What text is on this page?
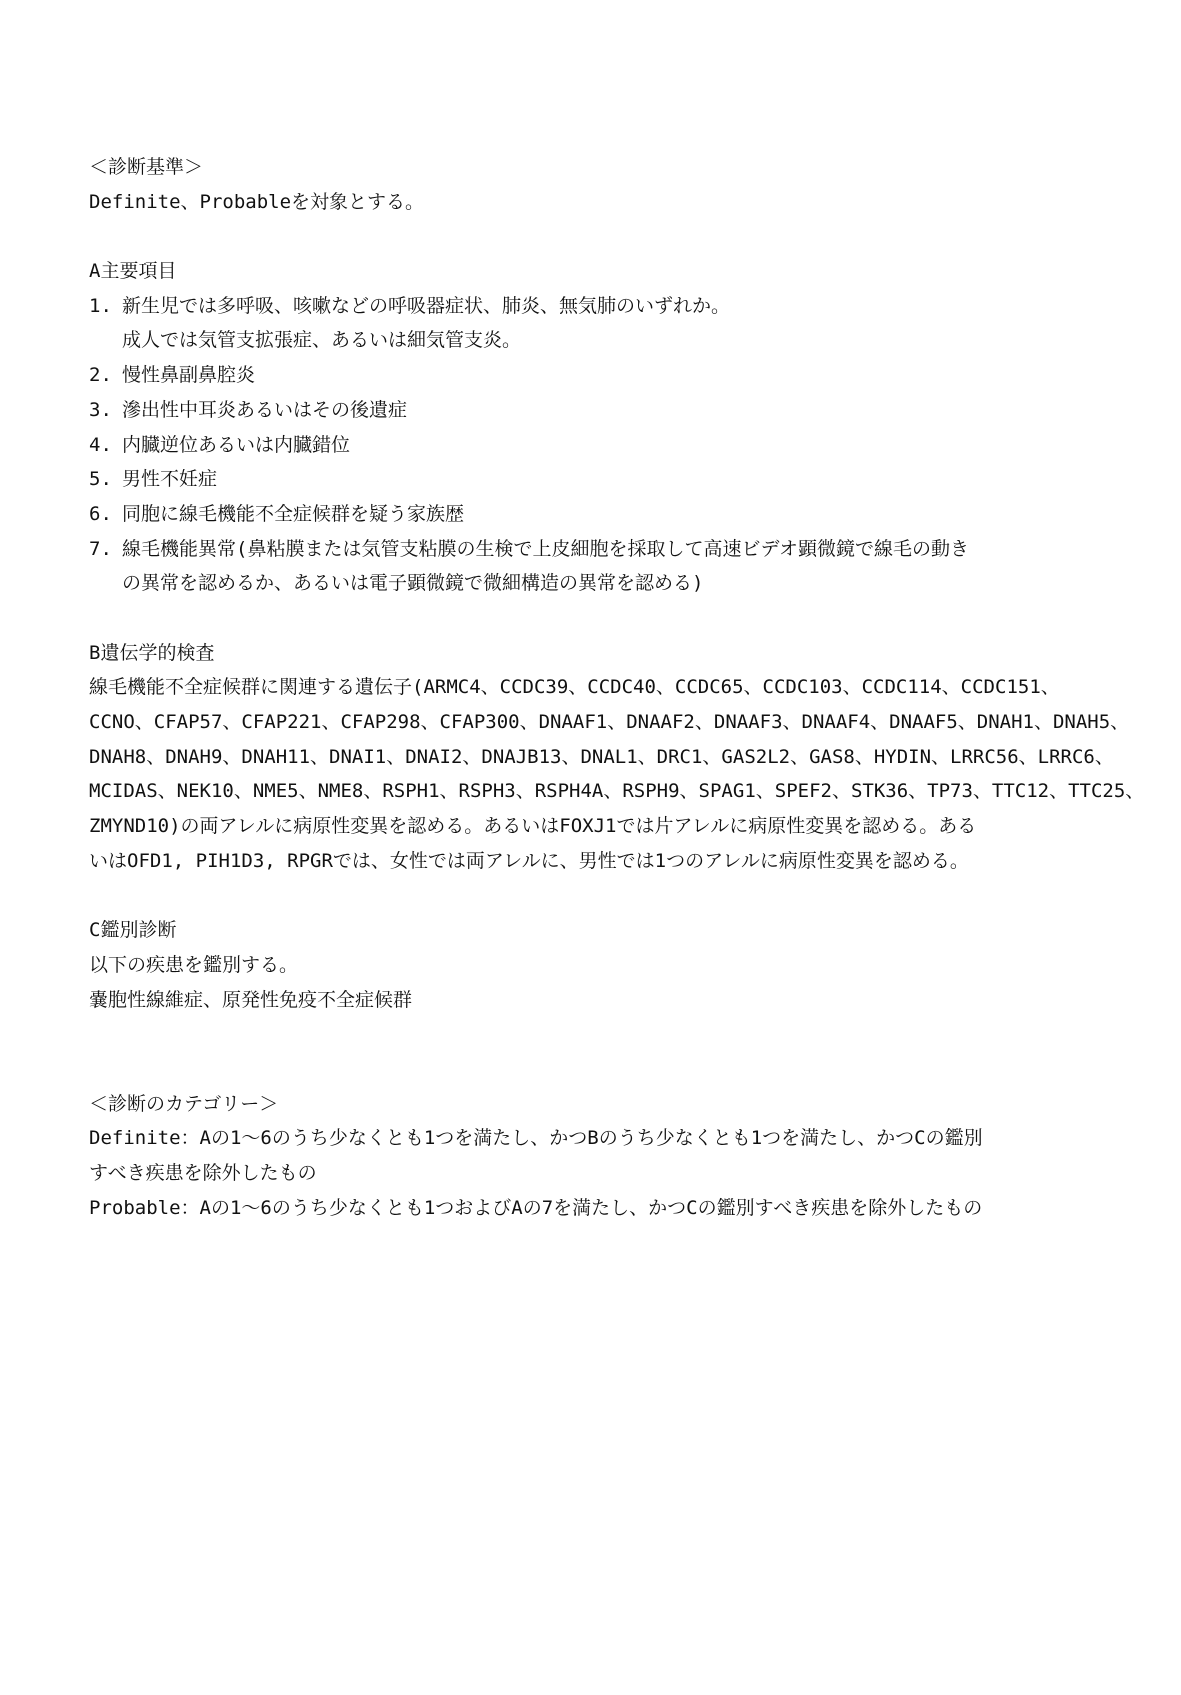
＜診断基準＞
Definite、Probableを対象とする。
A主要項目
1. 新生児では多呼吸、咳嗽などの呼吸器症状、肺炎、無気肺のいずれか。
成人では気管支拡張症、あるいは細気管支炎。
2. 慢性鼻副鼻腔炎
3. 滲出性中耳炎あるいはその後遺症
4. 内臓逆位あるいは内臓錯位
5. 男性不妊症
6. 同胞に線毛機能不全症候群を疑う家族歴
7. 線毛機能異常(鼻粘膜または気管支粘膜の生検で上皮細胞を採取して高速ビデオ顕微鏡で線毛の動き
の異常を認めるか、あるいは電子顕微鏡で微細構造の異常を認める)
B遺伝学的検査
線毛機能不全症候群に関連する遺伝子(ARMC4、CCDC39、CCDC40、CCDC65、CCDC103、CCDC114、CCDC151、
CCNO、CFAP57、CFAP221、CFAP298、CFAP300、DNAAF1、DNAAF2、DNAAF3、DNAAF4、DNAAF5、DNAH1、DNAH5、
DNAH8、DNAH9、DNAH11、DNAI1、DNAI2、DNAJB13、DNAL1、DRC1、GAS2L2、GAS8、HYDIN、LRRC56、LRRC6、
MCIDAS、NEK10、NME5、NME8、RSPH1、RSPH3、RSPH4A、RSPH9、SPAG1、SPEF2、STK36、TP73、TTC12、TTC25、
ZMYND10)の両アレルに病原性変異を認める。あるいはFOXJ1では片アレルに病原性変異を認める。ある
いはOFD1, PIH1D3, RPGRでは、女性では両アレルに、男性では1つのアレルに病原性変異を認める。
C鑑別診断
以下の疾患を鑑別する。
嚢胞性線維症、原発性免疫不全症候群
＜診断のカテゴリー＞
Definite：Aの1～6のうち少なくとも1つを満たし、かつBのうち少なくとも1つを満たし、かつCの鑑別
すべき疾患を除外したもの
Probable：Aの1～6のうち少なくとも1つおよびAの7を満たし、かつCの鑑別すべき疾患を除外したもの
